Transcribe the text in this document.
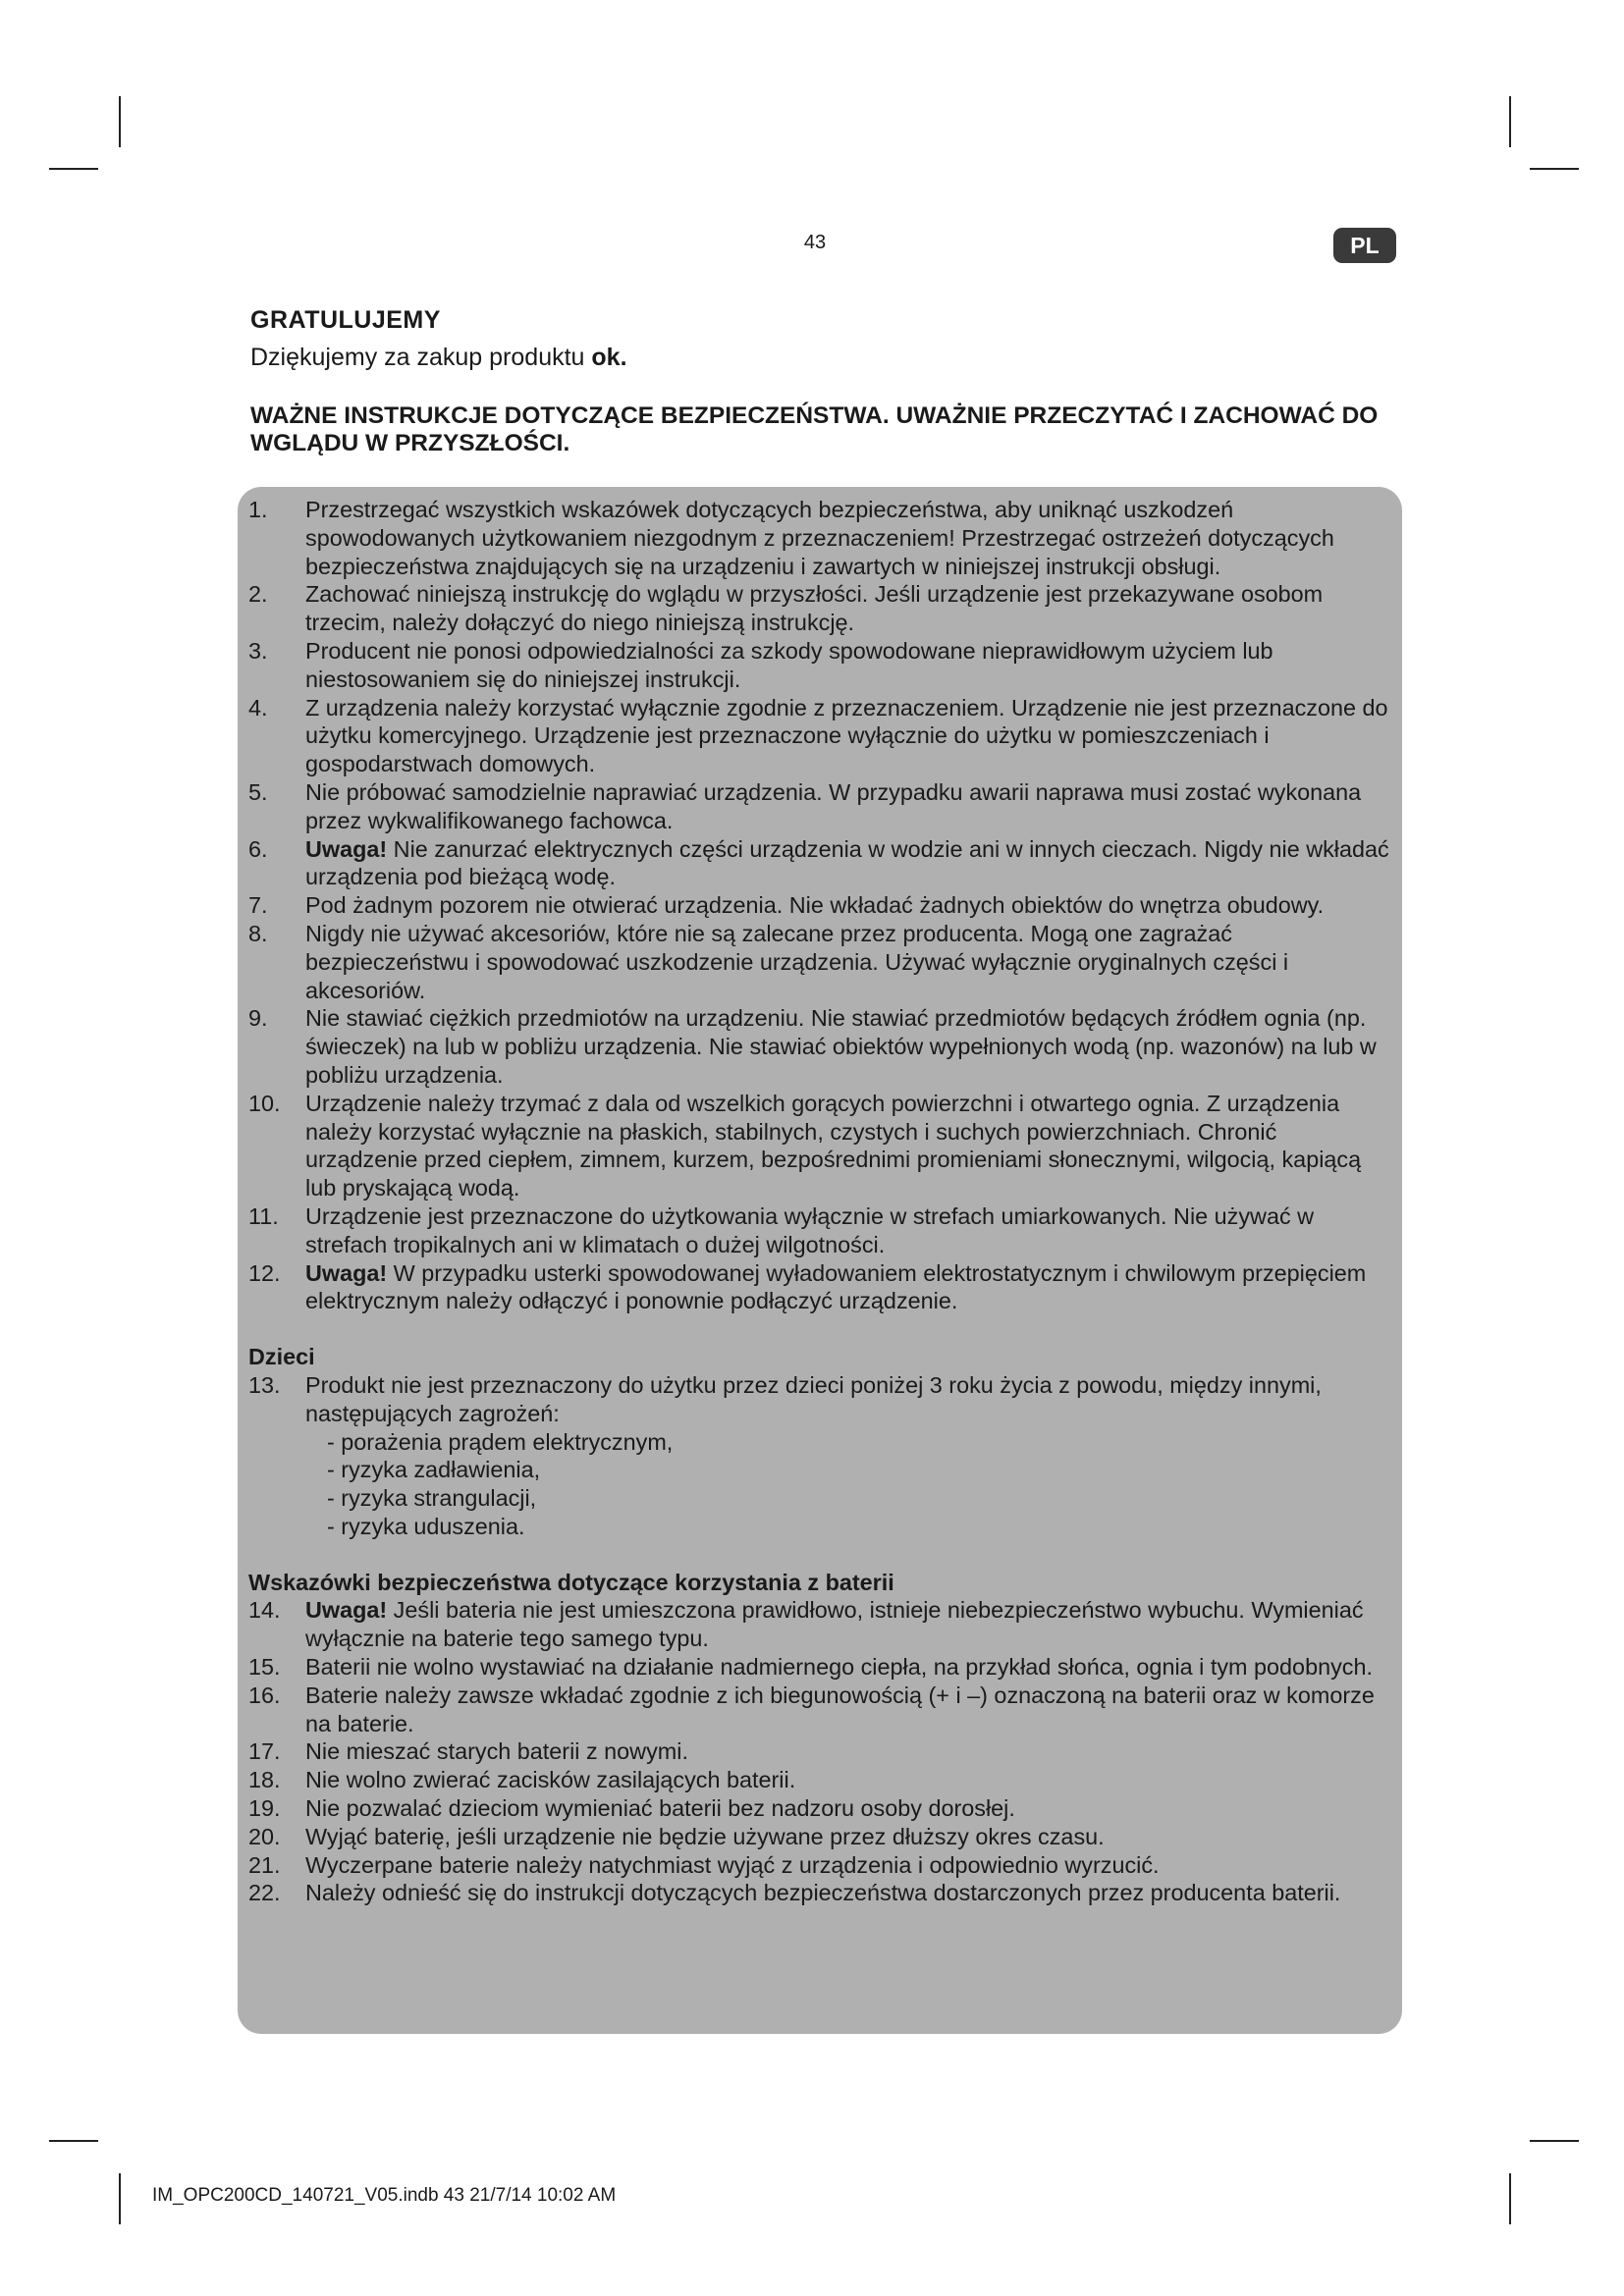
43	PL
GRATULUJEMY
Dziękujemy za zakup produktu ok.
WAŻNE INSTRUKCJE DOTYCZĄCE BEZPIECZEŃSTWA. UWAŻNIE PRZECZYTAĆ I ZACHOWAĆ DO WGLĄDU W PRZYSZŁOŚCI.
1. Przestrzegać wszystkich wskazówek dotyczących bezpieczeństwa, aby uniknąć uszkodzeń spowodowanych użytkowaniem niezgodnym z przeznaczeniem! Przestrzegać ostrzeżeń dotyczących bezpieczeństwa znajdujących się na urządzeniu i zawartych w niniejszej instrukcji obsługi.
2. Zachować niniejszą instrukcję do wglądu w przyszłości. Jeśli urządzenie jest przekazywane osobom trzecim, należy dołączyć do niego niniejszą instrukcję.
3. Producent nie ponosi odpowiedzialności za szkody spowodowane nieprawidłowym użyciem lub niestosowaniem się do niniejszej instrukcji.
4. Z urządzenia należy korzystać wyłącznie zgodnie z przeznaczeniem. Urządzenie nie jest przeznaczone do użytku komercyjnego. Urządzenie jest przeznaczone wyłącznie do użytku w pomieszczeniach i gospodarstwach domowych.
5. Nie próbować samodzielnie naprawiać urządzenia. W przypadku awarii naprawa musi zostać wykonana przez wykwalifikowanego fachowca.
6. Uwaga! Nie zanurzać elektrycznych części urządzenia w wodzie ani w innych cieczach. Nigdy nie wkładać urządzenia pod bieżącą wodę.
7. Pod żadnym pozorem nie otwierać urządzenia. Nie wkładać żadnych obiektów do wnętrza obudowy.
8. Nigdy nie używać akcesoriów, które nie są zalecane przez producenta. Mogą one zagrażać bezpieczeństwu i spowodować uszkodzenie urządzenia. Używać wyłącznie oryginalnych części i akcesoriów.
9. Nie stawiać ciężkich przedmiotów na urządzeniu. Nie stawiać przedmiotów będących źródłem ognia (np. świeczek) na lub w pobliżu urządzenia. Nie stawiać obiektów wypełnionych wodą (np. wazonów) na lub w pobliżu urządzenia.
10. Urządzenie należy trzymać z dala od wszelkich gorących powierzchni i otwartego ognia. Z urządzenia należy korzystać wyłącznie na płaskich, stabilnych, czystych i suchych powierzchniach. Chronić urządzenie przed ciepłem, zimnem, kurzem, bezpośrednimi promieniami słonecznymi, wilgocią, kapiącą lub pryskającą wodą.
11. Urządzenie jest przeznaczone do użytkowania wyłącznie w strefach umiarkowanych. Nie używać w strefach tropikalnych ani w klimatach o dużej wilgotności.
12. Uwaga! W przypadku usterki spowodowanej wyładowaniem elektrostatycznym i chwilowym przepięciem elektrycznym należy odłączyć i ponownie podłączyć urządzenie.
Dzieci
13. Produkt nie jest przeznaczony do użytku przez dzieci poniżej 3 roku życia z powodu, między innymi, następujących zagrożeń:
- porażenia prądem elektrycznym,
- ryzyka zadławienia,
- ryzyka strangulacji,
- ryzyka uduszenia.
Wskazówki bezpieczeństwa dotyczące korzystania z baterii
14. Uwaga! Jeśli bateria nie jest umieszczona prawidłowo, istnieje niebezpieczeństwo wybuchu. Wymieniać wyłącznie na baterie tego samego typu.
15. Baterii nie wolno wystawiać na działanie nadmiernego ciepła, na przykład słońca, ognia i tym podobnych.
16. Baterie należy zawsze wkładać zgodnie z ich biegunowością (+ i –) oznaczoną na baterii oraz w komorze na baterie.
17. Nie mieszać starych baterii z nowymi.
18. Nie wolno zwierać zacisków zasilających baterii.
19. Nie pozwalać dzieciom wymieniać baterii bez nadzoru osoby dorosłej.
20. Wyjąć baterię, jeśli urządzenie nie będzie używane przez dłuższy okres czasu.
21. Wyczerpane baterie należy natychmiast wyjąć z urządzenia i odpowiednio wyrzucić.
22. Należy odnieść się do instrukcji dotyczących bezpieczeństwa dostarczonych przez producenta baterii.
IM_OPC200CD_140721_V05.indb 43 21/7/14 10:02 AM
